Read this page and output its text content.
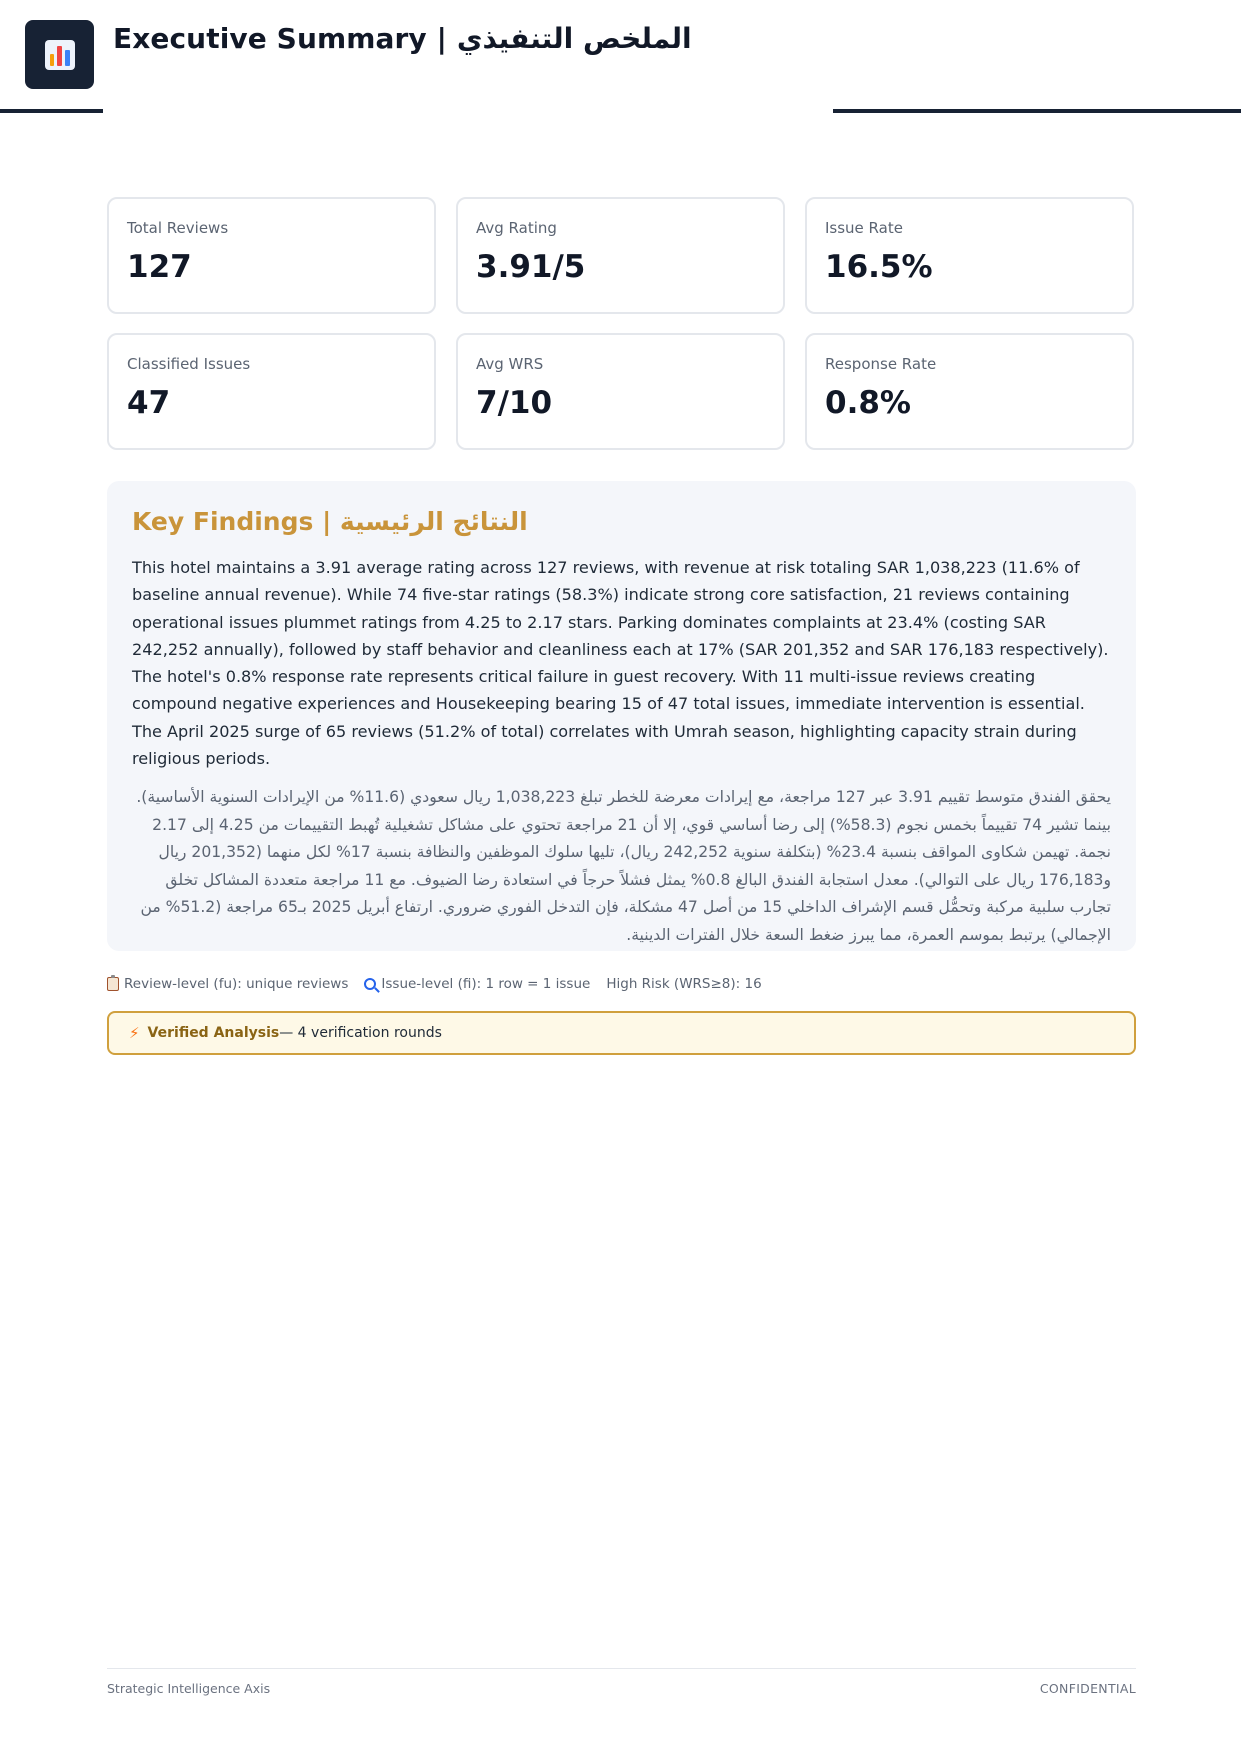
Executive Summary | الملخص التنفيذي
Total Reviews
127
Avg Rating
3.91/5
Issue Rate
16.5%
Classified Issues
47
Avg WRS
7/10
Response Rate
0.8%
Key Findings | النتائج الرئيسية

This hotel maintains a 3.91 average rating across 127 reviews, with revenue at risk totaling SAR 1,038,223 (11.6% of baseline annual revenue). While 74 five-star ratings (58.3%) indicate strong core satisfaction, 21 reviews containing operational issues plummet ratings from 4.25 to 2.17 stars. Parking dominates complaints at 23.4% (costing SAR 242,252 annually), followed by staff behavior and cleanliness each at 17% (SAR 201,352 and SAR 176,183 respectively). The hotel's 0.8% response rate represents critical failure in guest recovery. With 11 multi-issue reviews creating compound negative experiences and Housekeeping bearing 15 of 47 total issues, immediate intervention is essential. The April 2025 surge of 65 reviews (51.2% of total) correlates with Umrah season, highlighting capacity strain during religious periods.

يحقق الفندق متوسط تقييم 3.91 عبر 127 مراجعة، مع إيرادات معرضة للخطر تبلغ 1,038,223 ريال سعودي (11.6% من الإيرادات السنوية الأساسية). بينما تشير 74 تقييماً بخمس نجوم (58.3%) إلى رضا أساسي قوي، إلا أن 21 مراجعة تحتوي على مشاكل تشغيلية تُهبط التقييمات من 4.25 إلى 2.17 نجمة. تهيمن شكاوى المواقف بنسبة 23.4% (بتكلفة سنوية 242,252 ريال)، تليها سلوك الموظفين والنظافة بنسبة 17% لكل منهما (201,352 ريال و176,183 ريال على التوالي). معدل استجابة الفندق البالغ 0.8% يمثل فشلاً حرجاً في استعادة رضا الضيوف. مع 11 مراجعة متعددة المشاكل تخلق تجارب سلبية مركبة وتحمُّل قسم الإشراف الداخلي 15 من أصل 47 مشكلة، فإن التدخل الفوري ضروري. ارتفاع أبريل 2025 بـ65 مراجعة (51.2% من الإجمالي) يرتبط بموسم العمرة، مما يبرز ضغط السعة خلال الفترات الدينية.

Review-level (fu): unique reviews Issue-level (fi): 1 row = 1 issue High Risk (WRS≥8): 16
⚡ Verified Analysis — 4 verification rounds
Strategic Intelligence Axis	CONFIDENTIAL
